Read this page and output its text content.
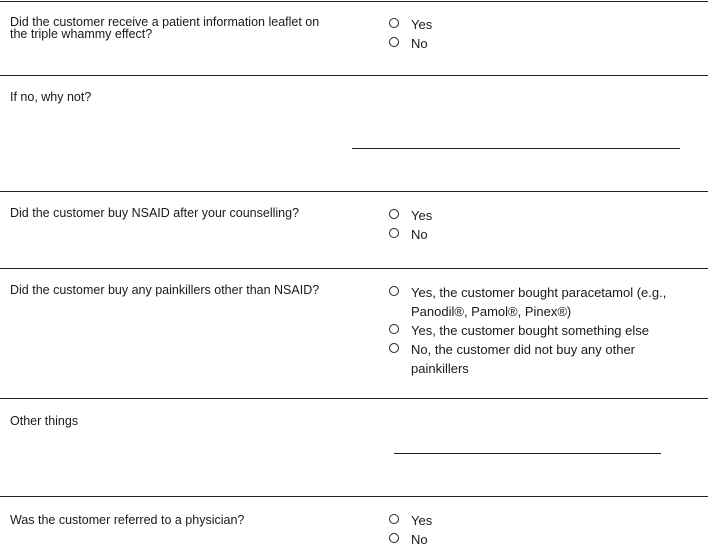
Did the customer receive a patient information leaflet on the triple whammy effect?

Yes
No

If no, why not?

Did the customer buy NSAID after your counselling?	Yes
No

Did the customer buy any painkillers other than NSAID?	Yes, the customer bought paracetamol (e.g., Panodil®, Pamol®, Pinex®)
Yes, the customer bought something else
No, the customer did not buy any other painkillers

Other things

Was the customer referred to a physician?	Yes
No
